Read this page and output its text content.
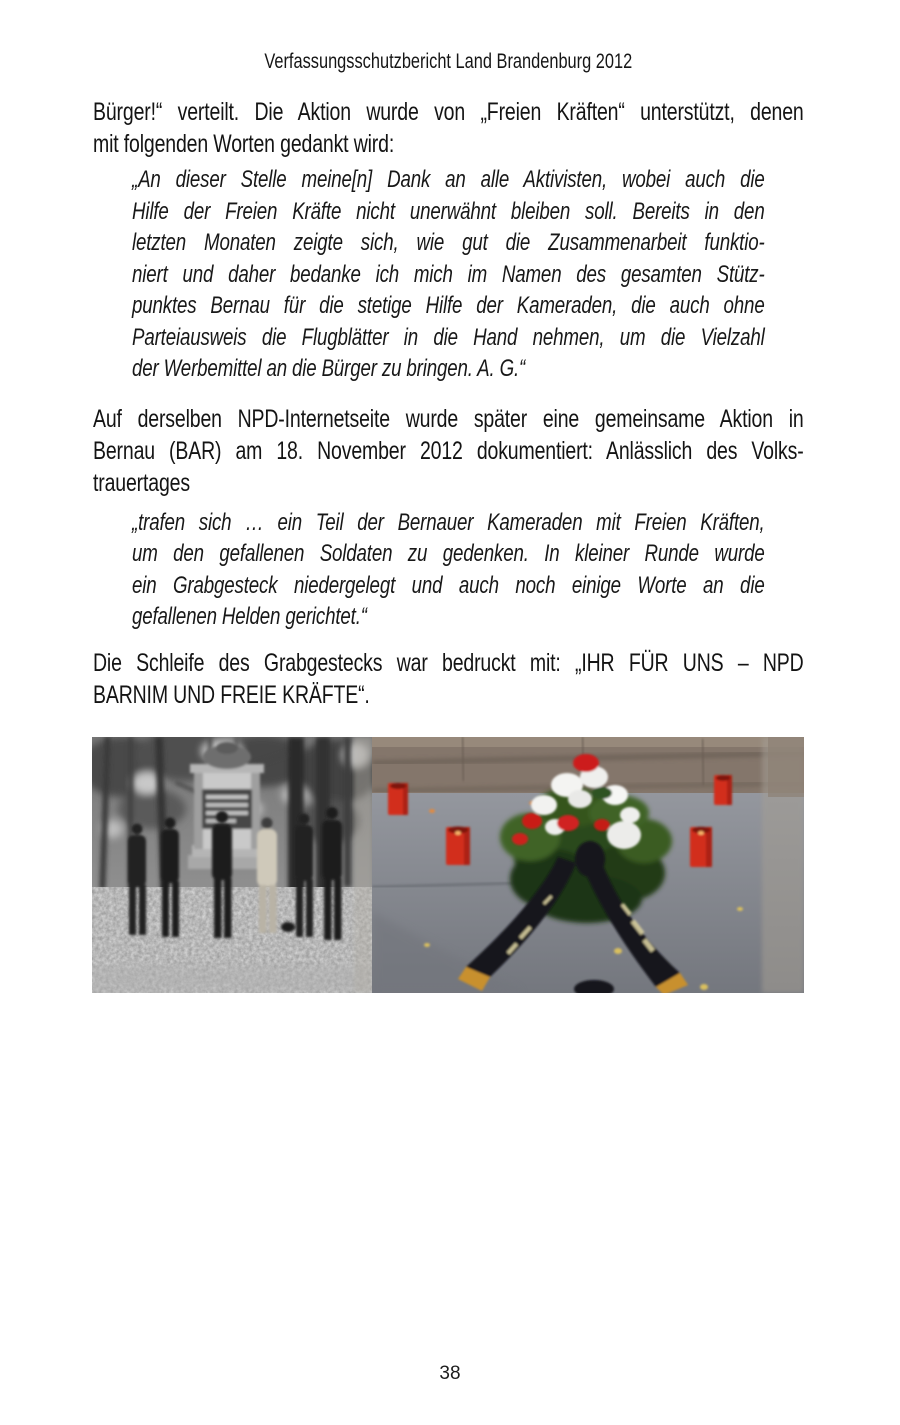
Verfassungsschutzbericht Land Brandenburg 2012

Bürger!“ verteilt. Die Aktion wurde von „Freien Kräften“ unterstützt, denen
mit folgenden Worten gedankt wird:

„An dieser Stelle meine[n] Dank an alle Aktivisten, wobei auch die
Hilfe der Freien Kräfte nicht unerwähnt bleiben soll. Bereits in den
letzten Monaten zeigte sich, wie gut die Zusammenarbeit funktio-
niert und daher bedanke ich mich im Namen des gesamten Stütz-
punktes Bernau für die stetige Hilfe der Kameraden, die auch ohne
Parteiausweis die Flugblätter in die Hand nehmen, um die Vielzahl
der Werbemittel an die Bürger zu bringen. A. G.“

Auf derselben NPD-Internetseite wurde später eine gemeinsame Aktion in
Bernau (BAR) am 18. November 2012 dokumentiert: Anlässlich des Volks-
trauertages

„trafen sich … ein Teil der Bernauer Kameraden mit Freien Kräften,
um den gefallenen Soldaten zu gedenken. In kleiner Runde wurde
ein Grabgesteck niedergelegt und auch noch einige Worte an die
gefallenen Helden gerichtet.“

Die Schleife des Grabgestecks war bedruckt mit: „IHR FÜR UNS – NPD
BARNIM UND FREIE KRÄFTE“.

38
